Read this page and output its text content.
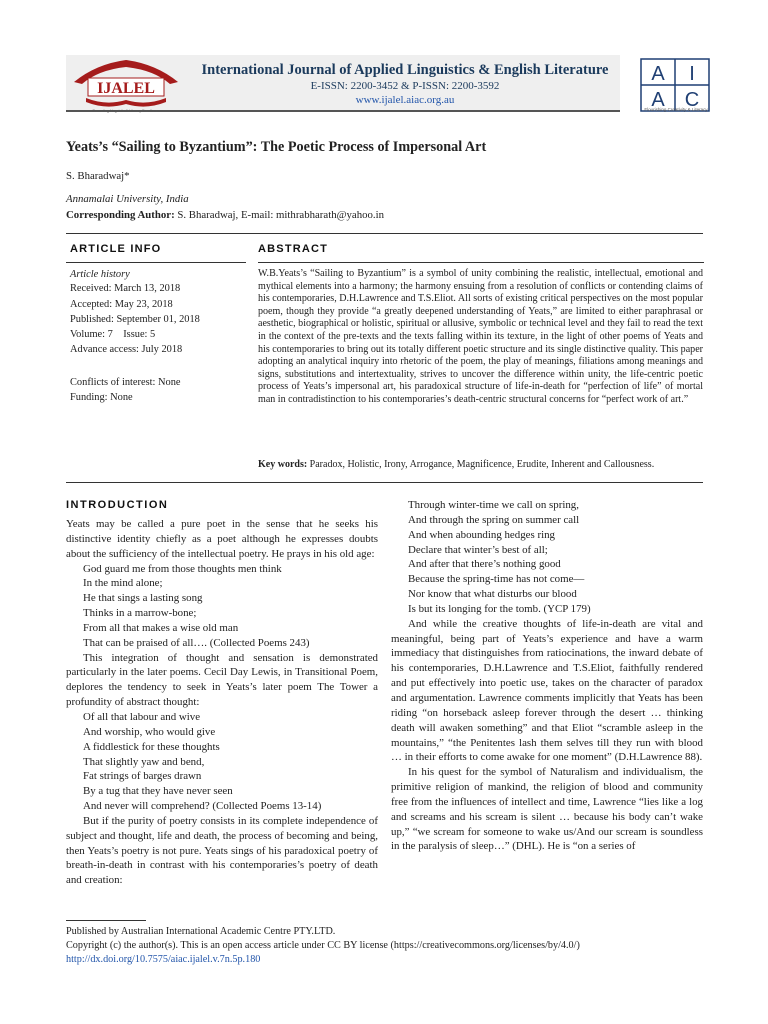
IJALEL
Promoting Linguistic & Literary Excellence
International Journal of Applied Linguistics & English Literature
E-ISSN: 2200-3452 & P-ISSN: 2200-3592
www.ijalel.aiac.org.au
A I
A C
Flourishing Creativity & Literacy
Yeats’s “Sailing to Byzantium”: The Poetic Process of Impersonal Art
S. Bharadwaj*
Annamalai University, India
Corresponding Author: S. Bharadwaj, E-mail: mithrabharath@yahoo.in
ARTICLE INFO
Article history
Received: March 13, 2018
Accepted: May 23, 2018
Published: September 01, 2018
Volume: 7    Issue: 5
Advance access: July 2018
Conflicts of interest: None
Funding: None
ABSTRACT
W.B.Yeats’s “Sailing to Byzantium” is a symbol of unity combining the realistic, intellectual, emotional and mythical elements into a harmony; the harmony ensuing from a resolution of conflicts or contending claims of his contemporaries, D.H.Lawrence and T.S.Eliot. All sorts of existing critical perspectives on the most popular poem, though they provide “a greatly deepened understanding of Yeats,” are limited to either paraphrasal or aesthetic, biographical or holistic, spiritual or allusive, symbolic or technical level and they fail to read the text in the context of the pre-texts and the texts falling within its texture, in the light of other poems of Yeats and his contemporaries to bring out its totally different poetic structure and its single distinctive quality. This paper adopting an analytical inquiry into rhetoric of the poem, the play of meanings, filiations among meanings and signs, substitutions and intertextuality, strives to uncover the difference within unity, the life-centric poetic process of Yeats’s impersonal art, his paradoxical structure of life-in-death for “perfection of life” of mortal man in contradistinction to his contemporaries’s death-centric structural concerns for “perfect work of art.”
Key words: Paradox, Holistic, Irony, Arrogance, Magnificence, Erudite, Inherent and Callousness.
INTRODUCTION

Yeats may be called a pure poet in the sense that he seeks his distinctive identity chiefly as a poet although he expresses doubts about the sufficiency of the intellectual poetry. He prays in his old age:

God guard me from those thoughts men think

In the mind alone;

He that sings a lasting song

Thinks in a marrow-bone;

From all that makes a wise old man

That can be praised of all…. (Collected Poems 243)

This integration of thought and sensation is demonstrated particularly in the later poems. Cecil Day Lewis, in Transitional Poem, deplores the tendency to seek in Yeats’s later poem The Tower a profundity of abstract thought:

Of all that labour and wive

And worship, who would give

A fiddlestick for these thoughts

That slightly yaw and bend,

Fat strings of barges drawn

By a tug that they have never seen

And never will comprehend? (Collected Poems 13-14)

But if the purity of poetry consists in its complete independence of subject and thought, life and death, the process of becoming and being, then Yeats’s poetry is not pure. Yeats sings of his paradoxical poetry of breath-in-death in contrast with his contemporaries’s poetry of death and creation:

Through winter-time we call on spring,

And through the spring on summer call

And when abounding hedges ring

Declare that winter’s best of all;

And after that there’s nothing good

Because the spring-time has not come—

Nor know that what disturbs our blood

Is but its longing for the tomb. (YCP 179)

And while the creative thoughts of life-in-death are vital and meaningful, being part of Yeats’s experience and have a warm immediacy that distinguishes from ratiocinations, the inward debate of his contemporaries, D.H.Lawrence and T.S.Eliot, faithfully rendered and put effectively into poetic use, takes on the character of paradox and argumentation. Lawrence comments implicitly that Yeats has been riding “on horseback asleep forever through the desert … thinking death will awaken something” and that Eliot “scramble asleep in the mountains,” “the Penitentes lash them selves till they run with blood … in their efforts to come awake for one moment” (D.H.Lawrence 88).

In his quest for the symbol of Naturalism and individualism, the primitive religion of mankind, the religion of blood and community free from the influences of intellect and time, Lawrence “lies like a log and screams and his scream is silent … because his body can’t wake up,” “we scream for someone to wake us/And our scream is soundless in the paralysis of sleep…” (DHL). He is “on a series of

Published by Australian International Academic Centre PTY.LTD.
Copyright (c) the author(s). This is an open access article under CC BY license (https://creativecommons.org/licenses/by/4.0/)
http://dx.doi.org/10.7575/aiac.ijalel.v.7n.5p.180
